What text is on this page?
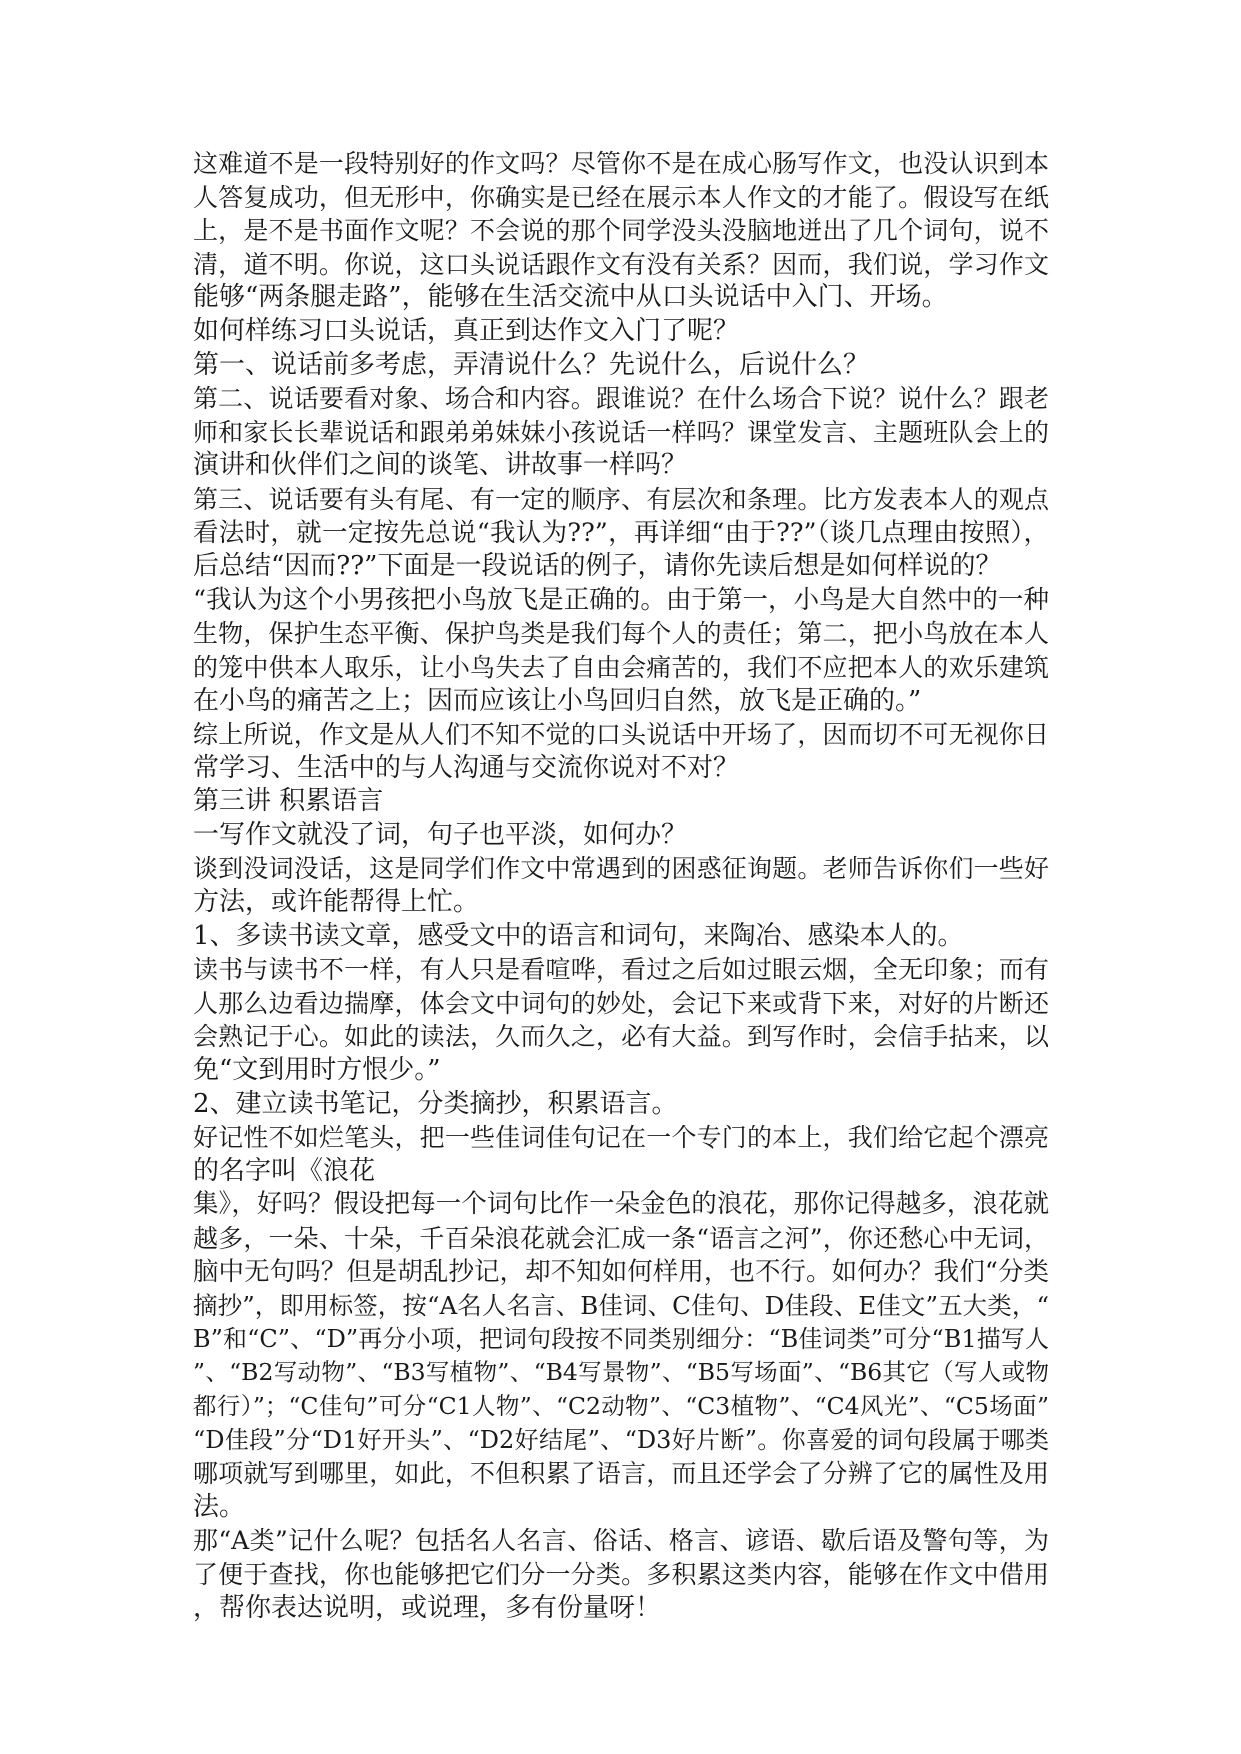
这难道不是一段特别好的作文吗？尽管你不是在成心肠写作文，也没认识到本
人答复成功，但无形中，你确实是已经在展示本人作文的才能了。假设写在纸
上，是不是书面作文呢？不会说的那个同学没头没脑地迸出了几个词句，说不
清，道不明。你说，这口头说话跟作文有没有关系？因而，我们说，学习作文
能够“两条腿走路”，能够在生活交流中从口头说话中入门、开场。
如何样练习口头说话，真正到达作文入门了呢？
第一、说话前多考虑，弄清说什么？先说什么，后说什么？
第二、说话要看对象、场合和内容。跟谁说？在什么场合下说？说什么？跟老
师和家长长辈说话和跟弟弟妹妹小孩说话一样吗？课堂发言、主题班队会上的
演讲和伙伴们之间的谈笔、讲故事一样吗？
第三、说话要有头有尾、有一定的顺序、有层次和条理。比方发表本人的观点
看法时，就一定按先总说“我认为??”，再详细“由于??”（谈几点理由按照），
后总结“因而??”下面是一段说话的例子，请你先读后想是如何样说的？
“我认为这个小男孩把小鸟放飞是正确的。由于第一，小鸟是大自然中的一种
生物，保护生态平衡、保护鸟类是我们每个人的责任；第二，把小鸟放在本人
的笼中供本人取乐，让小鸟失去了自由会痛苦的，我们不应把本人的欢乐建筑
在小鸟的痛苦之上；因而应该让小鸟回归自然，放飞是正确的。”
综上所说，作文是从人们不知不觉的口头说话中开场了，因而切不可无视你日
常学习、生活中的与人沟通与交流你说对不对？
第三讲 积累语言
一写作文就没了词，句子也平淡，如何办？
谈到没词没话，这是同学们作文中常遇到的困惑征询题。老师告诉你们一些好
方法，或许能帮得上忙。
1、多读书读文章，感受文中的语言和词句，来陶冶、感染本人的。
读书与读书不一样，有人只是看喧哗，看过之后如过眼云烟，全无印象；而有
人那么边看边揣摩，体会文中词句的妙处，会记下来或背下来，对好的片断还
会熟记于心。如此的读法，久而久之，必有大益。到写作时，会信手拈来，以
免“文到用时方恨少。”
2、建立读书笔记，分类摘抄，积累语言。
好记性不如烂笔头，把一些佳词佳句记在一个专门的本上，我们给它起个漂亮
的名字叫《浪花
集》，好吗？假设把每一个词句比作一朵金色的浪花，那你记得越多，浪花就
越多，一朵、十朵，千百朵浪花就会汇成一条“语言之河”，你还愁心中无词，
脑中无句吗？但是胡乱抄记，却不知如何样用，也不行。如何办？我们“分类
摘抄”，即用标签，按“A名人名言、B佳词、C佳句、D佳段、E佳文”五大类，“
B”和“C”、“D”再分小项，把词句段按不同类别细分：“B佳词类”可分“B1描写人
”、“B2写动物”、“B3写植物”、“B4写景物”、“B5写场面”、“B6其它（写人或物
都行）”；“C佳句”可分“C1人物”、“C2动物”、“C3植物”、“C4风光”、“C5场面”
“D佳段”分“D1好开头”、“D2好结尾”、“D3好片断”。你喜爱的词句段属于哪类
哪项就写到哪里，如此，不但积累了语言，而且还学会了分辨了它的属性及用
法。
那“A类”记什么呢？包括名人名言、俗话、格言、谚语、歇后语及警句等，为
了便于查找，你也能够把它们分一分类。多积累这类内容，能够在作文中借用
，帮你表达说明，或说理，多有份量呀！
